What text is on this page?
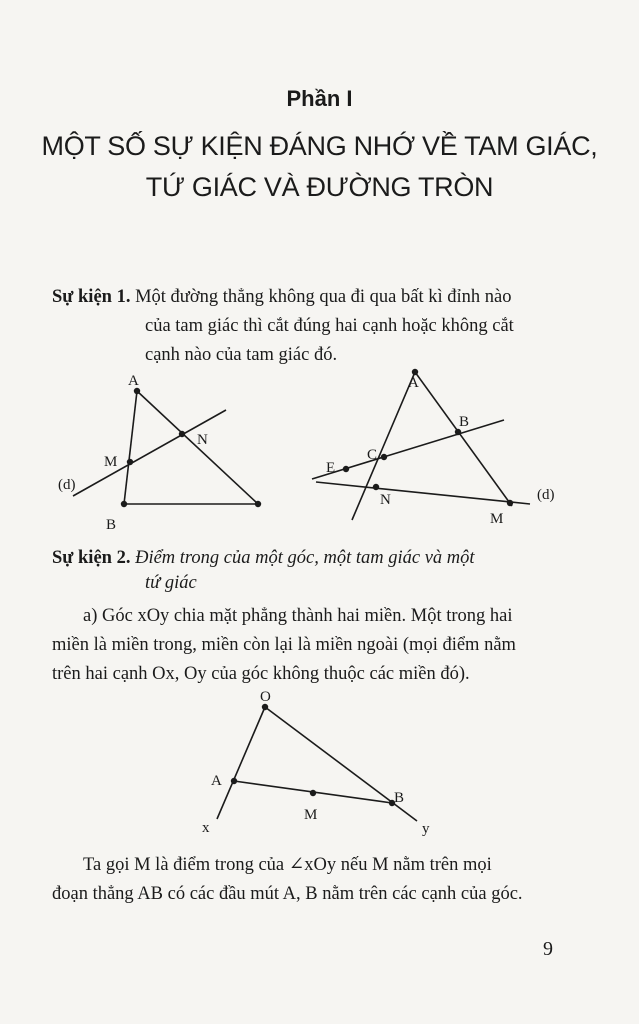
Phần I
MỘT SỐ SỰ KIỆN ĐÁNG NHỚ VỀ TAM GIÁC,
TỨ GIÁC VÀ ĐƯỜNG TRÒN
Sự kiện 1. Một đường thẳng không qua đi qua bất kì đỉnh nào
của tam giác thì cắt đúng hai cạnh hoặc không cắt
cạnh nào của tam giác đó.
A
B
M
N
(d)
A
B
C
E
N
M
(d)
Sự kiện 2. Điểm trong của một góc, một tam giác và một
tứ giác
a) Góc xOy chia mặt phẳng thành hai miền. Một trong hai
miền là miền trong, miền còn lại là miền ngoài (mọi điểm nằm
trên hai cạnh Ox, Oy của góc không thuộc các miền đó).
O
A
M
B
x	y
Ta gọi M là điểm trong của ∠xOy nếu M nằm trên mọi
đoạn thẳng AB có các đầu mút A, B nằm trên các cạnh của góc.
9
